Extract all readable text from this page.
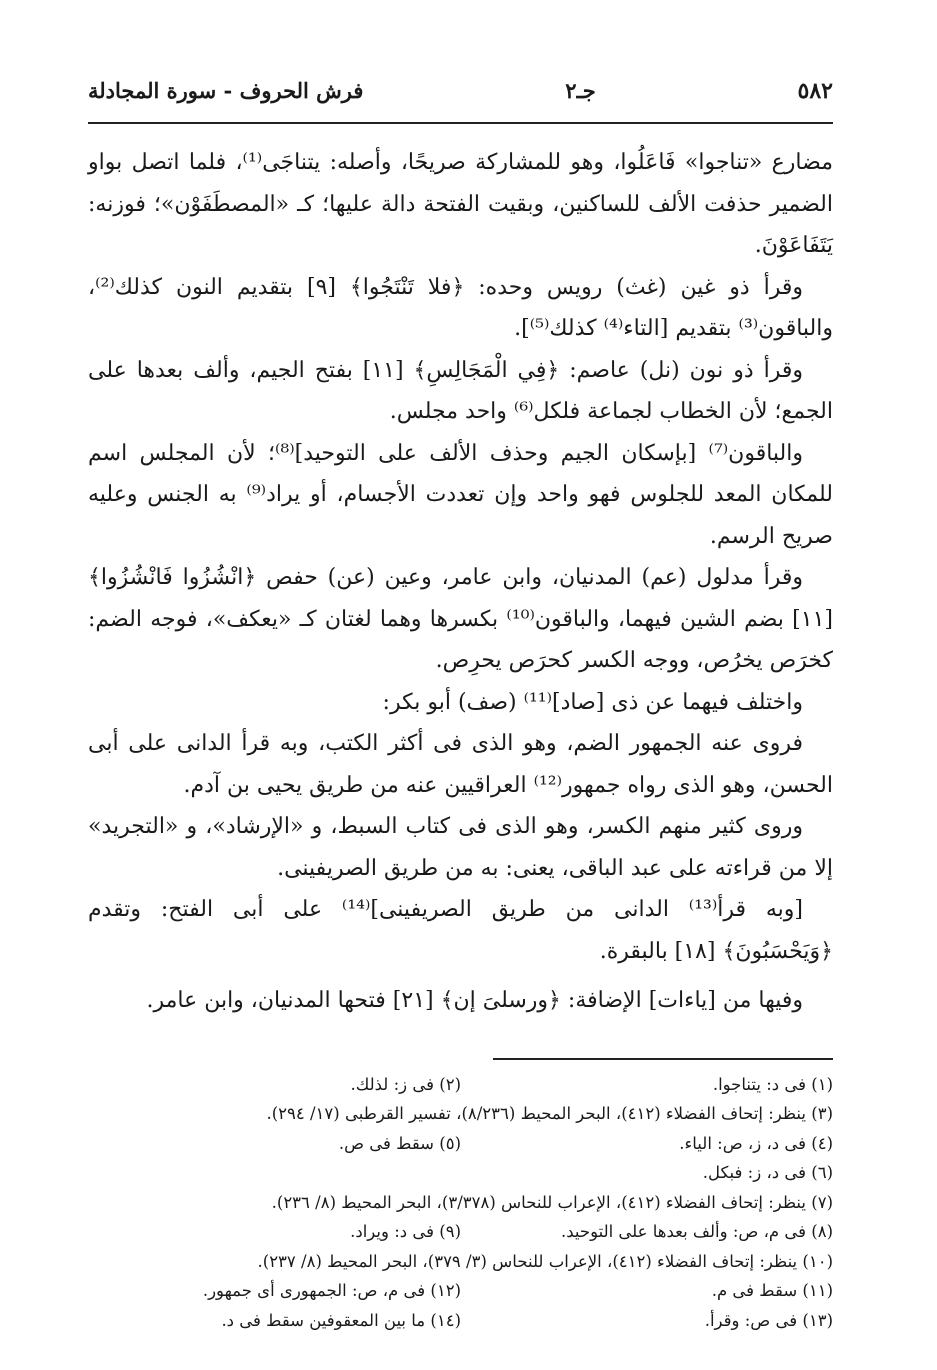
٥٨٢
جـ٢
فرش الحروف - سورة المجادلة

مضارع «تناجوا» فَاعَلُوا، وهو للمشاركة صريحًا، وأصله: يتناجَى⁽¹⁾، فلما اتصل بواو الضمير حذفت الألف للساكنين، وبقيت الفتحة دالة عليها؛ كـ «المصطَفَوْن»؛ فوزنه: يَتَفَاعَوْنَ.

وقرأ ذو غين (غث) رويس وحده: ﴿فلا تَنْتَجُوا﴾ [٩] بتقديم النون كذلك⁽²⁾، والباقون⁽³⁾ بتقديم [التاء⁽⁴⁾ كذلك⁽⁵⁾].

وقرأ ذو نون (نل) عاصم: ﴿فِي الْمَجَالِسِ﴾ [١١] بفتح الجيم، وألف بعدها على الجمع؛ لأن الخطاب لجماعة فلكل⁽⁶⁾ واحد مجلس.

والباقون⁽⁷⁾ [بإسكان الجيم وحذف الألف على التوحيد]⁽⁸⁾؛ لأن المجلس اسم للمكان المعد للجلوس فهو واحد وإن تعددت الأجسام، أو يراد⁽⁹⁾ به الجنس وعليه صريح الرسم.

وقرأ مدلول (عم) المدنيان، وابن عامر، وعين (عن) حفص ﴿انْشُزُوا فَانْشُزُوا﴾ [١١] بضم الشين فيهما، والباقون⁽¹⁰⁾ بكسرها وهما لغتان كـ «يعكف»، فوجه الضم: كخرَص يخرُص، ووجه الكسر كحرَص يحرِص.

واختلف فيهما عن ذى [صاد]⁽¹¹⁾ (صف) أبو بكر:

فروى عنه الجمهور الضم، وهو الذى فى أكثر الكتب، وبه قرأ الدانى على أبى الحسن، وهو الذى رواه جمهور⁽¹²⁾ العراقيين عنه من طريق يحيى بن آدم.

وروى كثير منهم الكسر، وهو الذى فى كتاب السبط، و «الإرشاد»، و «التجريد» إلا من قراءته على عبد الباقى، يعنى: به من طريق الصريفينى.

[وبه قرأ⁽¹³⁾ الدانى من طريق الصريفينى]⁽¹⁴⁾ على أبى الفتح: وتقدم ﴿وَيَحْسَبُونَ﴾ [١٨] بالبقرة.

وفيها من [ياءات] الإضافة: ﴿ورسلىَ إن﴾ [٢١] فتحها المدنيان، وابن عامر.

(١) فى د: يتناجوا.
(٢) فى ز: لذلك.
(٣) ينظر: إتحاف الفضلاء (٤١٢)، البحر المحيط (٨/٢٣٦)، تفسير القرطبى (١٧/ ٢٩٤).
(٤) فى د، ز، ص: الياء.
(٥) سقط فى ص.
(٦) فى د، ز: فبكل.
(٧) ينظر: إتحاف الفضلاء (٤١٢)، الإعراب للنحاس (٣/٣٧٨)، البحر المحيط (٨/ ٢٣٦).
(٨) فى م، ص: وألف بعدها على التوحيد.
(٩) فى د: ويراد.
(١٠) ينظر: إتحاف الفضلاء (٤١٢)، الإعراب للنحاس (٣/ ٣٧٩)، البحر المحيط (٨/ ٢٣٧).
(١١) سقط فى م.
(١٢) فى م، ص: الجمهورى أى جمهور.
(١٣) فى ص: وقرأ.
(١٤) ما بين المعقوفين سقط فى د.
